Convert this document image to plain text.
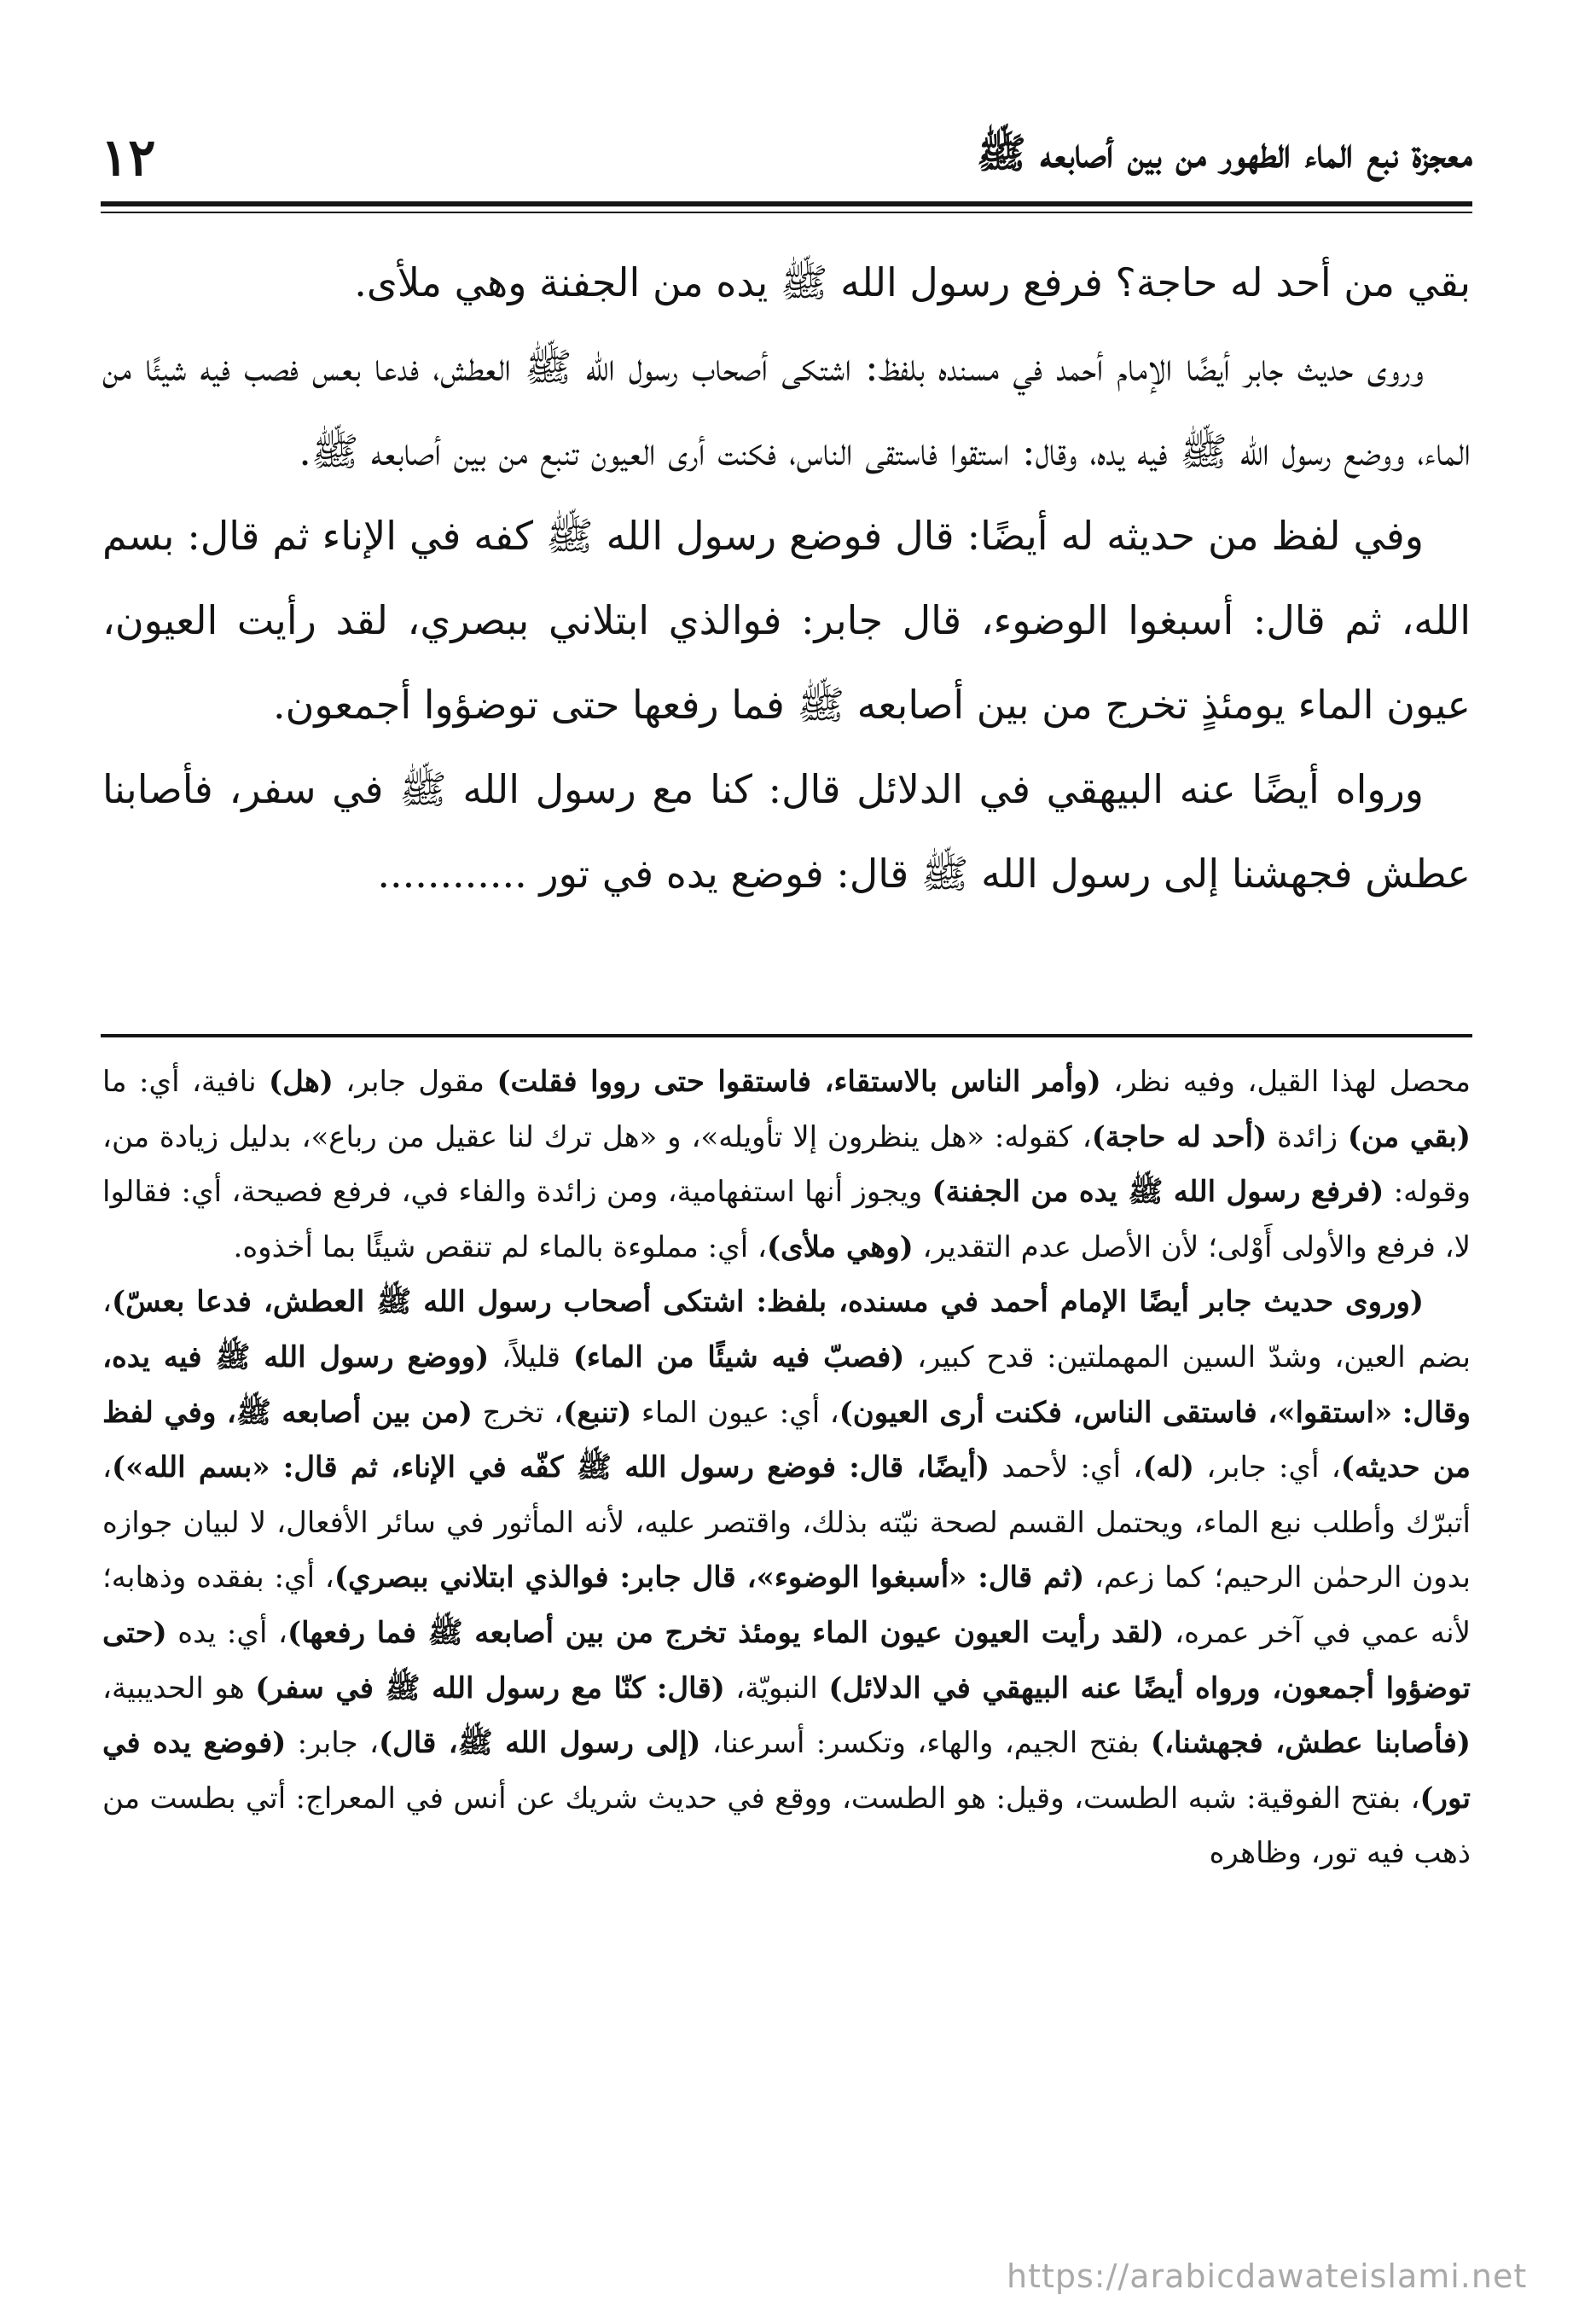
معجزة نبع الماء الطهور من بين أصابعه ﷺ
١٢

بقي من أحد له حاجة؟ فرفع رسول الله ﷺ يده من الجفنة وهي ملأى.

وروى حديث جابر أيضًا الإمام أحمد في مسنده بلفظ: اشتكى أصحاب رسول الله ﷺ العطش، فدعا بعس فصب فيه شيئًا من الماء، ووضع رسول الله ﷺ فيه يده، وقال: استقوا فاستقى الناس، فكنت أرى العيون تنبع من بين أصابعه ﷺ.

وفي لفظ من حديثه له أيضًا: قال فوضع رسول الله ﷺ كفه في الإناء ثم قال: بسم الله، ثم قال: أسبغوا الوضوء، قال جابر: فوالذي ابتلاني ببصري، لقد رأيت العيون، عيون الماء يومئذٍ تخرج من بين أصابعه ﷺ فما رفعها حتى توضؤوا أجمعون.

ورواه أيضًا عنه البيهقي في الدلائل قال: كنا مع رسول الله ﷺ في سفر، فأصابنا عطش فجهشنا إلى رسول الله ﷺ قال: فوضع يده في تور ............

محصل لهذا القيل، وفيه نظر، (وأمر الناس بالاستقاء، فاستقوا حتى رووا فقلت) مقول جابر، (هل) نافية، أي: ما (بقي من) زائدة (أحد له حاجة)، كقوله: «هل ينظرون إلا تأويله»، و «هل ترك لنا عقيل من رباع»، بدليل زيادة من، وقوله: (فرفع رسول الله ﷺ يده من الجفنة) ويجوز أنها استفهامية، ومن زائدة والفاء في، فرفع فصيحة، أي: فقالوا لا، فرفع والأولى أَوْلى؛ لأن الأصل عدم التقدير، (وهي ملأى)، أي: مملوءة بالماء لم تنقص شيئًا بما أخذوه.

(وروى حديث جابر أيضًا الإمام أحمد في مسنده، بلفظ: اشتكى أصحاب رسول الله ﷺ العطش، فدعا بعسّ)، بضم العين، وشدّ السين المهملتين: قدح كبير، (فصبّ فيه شيئًا من الماء) قليلاً، (ووضع رسول الله ﷺ فيه يده، وقال: «استقوا»، فاستقى الناس، فكنت أرى العيون)، أي: عيون الماء (تنبع)، تخرج (من بين أصابعه ﷺ، وفي لفظ من حديثه)، أي: جابر، (له)، أي: لأحمد (أيضًا، قال: فوضع رسول الله ﷺ كفّه في الإناء، ثم قال: «بسم الله»)، أتبرّك وأطلب نبع الماء، ويحتمل القسم لصحة نيّته بذلك، واقتصر عليه، لأنه المأثور في سائر الأفعال، لا لبيان جوازه بدون الرحمٰن الرحيم؛ كما زعم، (ثم قال: «أسبغوا الوضوء»، قال جابر: فوالذي ابتلاني ببصري)، أي: بفقده وذهابه؛ لأنه عمي في آخر عمره، (لقد رأيت العيون عيون الماء يومئذ تخرج من بين أصابعه ﷺ فما رفعها)، أي: يده (حتى توضؤوا أجمعون، ورواه أيضًا عنه البيهقي في الدلائل) النبويّة، (قال: كنّا مع رسول الله ﷺ في سفر) هو الحديبية، (فأصابنا عطش، فجهشنا،) بفتح الجيم، والهاء، وتكسر: أسرعنا، (إلى رسول الله ﷺ، قال)، جابر: (فوضع يده في تور)، بفتح الفوقية: شبه الطست، وقيل: هو الطست، ووقع في حديث شريك عن أنس في المعراج: أتي بطست من ذهب فيه تور، وظاهره

https://arabicdawateislami.net
